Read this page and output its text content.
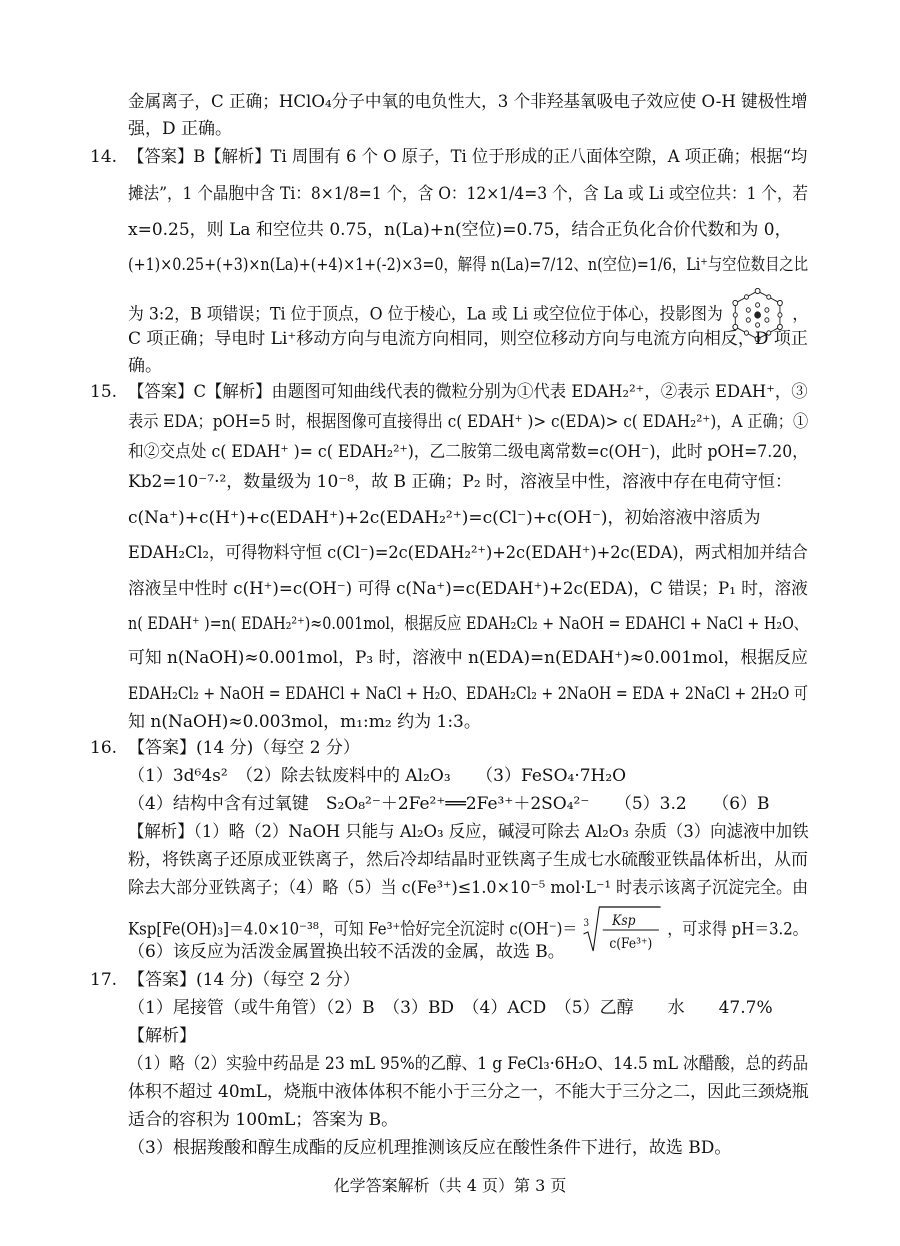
金属离子，C 正确；HClO₄分子中氧的电负性大，3 个非羟基氧吸电子效应使 O-H 键极性增
强，D 正确。
14. 【答案】B【解析】Ti 周围有 6 个 O 原子，Ti 位于形成的正八面体空隙，A 项正确；根据“均
摊法”，1 个晶胞中含 Ti：8×1/8=1 个，含 O：12×1/4=3 个，含 La 或 Li 或空位共：1 个，若
x=0.25，则 La 和空位共 0.75，n(La)+n(空位)=0.75，结合正负化合价代数和为 0，
(+1)×0.25+(+3)×n(La)+(+4)×1+(-2)×3=0，解得 n(La)=7/12、n(空位)=1/6，Li⁺与空位数目之比
为 3:2，B 项错误；Ti 位于顶点，O 位于棱心，La 或 Li 或空位位于体心，投影图为	，
C 项正确；导电时 Li⁺移动方向与电流方向相同，则空位移动方向与电流方向相反，D 项正
确。
15. 【答案】C【解析】由题图可知曲线代表的微粒分别为①代表 EDAH₂²⁺，②表示 EDAH⁺，③
表示 EDA；pOH=5 时，根据图像可直接得出 c( EDAH⁺ )> c(EDA)> c( EDAH₂²⁺)，A 正确；①
和②交点处 c( EDAH⁺ )= c( EDAH₂²⁺)，乙二胺第二级电离常数=c(OH⁻)，此时 pOH=7.20，
Kb2=10⁻⁷·²，数量级为 10⁻⁸，故 B 正确；P₂ 时，溶液呈中性，溶液中存在电荷守恒：
c(Na⁺)+c(H⁺)+c(EDAH⁺)+2c(EDAH₂²⁺)=c(Cl⁻)+c(OH⁻)，初始溶液中溶质为
EDAH₂Cl₂，可得物料守恒 c(Cl⁻)=2c(EDAH₂²⁺)+2c(EDAH⁺)+2c(EDA)，两式相加并结合
溶液呈中性时 c(H⁺)=c(OH⁻) 可得 c(Na⁺)=c(EDAH⁺)+2c(EDA)，C 错误；P₁ 时，溶液
n( EDAH⁺ )=n( EDAH₂²⁺)≈0.001mol，根据反应 EDAH₂Cl₂ + NaOH = EDAHCl + NaCl + H₂O、
可知 n(NaOH)≈0.001mol，P₃ 时，溶液中 n(EDA)=n(EDAH⁺)≈0.001mol，根据反应
EDAH₂Cl₂ + NaOH = EDAHCl + NaCl + H₂O、EDAH₂Cl₂ + 2NaOH = EDA + 2NaCl + 2H₂O 可
知 n(NaOH)≈0.003mol，m₁:m₂ 约为 1:3。
16. 【答案】(14 分)（每空 2 分）
（1）3d⁶4s²　（2）除去钛废料中的 Al₂O₃　　（3）FeSO₄·7H₂O
（4）结构中含有过氧键　S₂O₈²⁻＋2Fe²⁺══2Fe³⁺＋2SO₄²⁻　　（5）3.2　　（6）B
【解析】（1）略（2）NaOH 只能与 Al₂O₃ 反应，碱浸可除去 Al₂O₃ 杂质（3）向滤液中加铁
粉，将铁离子还原成亚铁离子，然后冷却结晶时亚铁离子生成七水硫酸亚铁晶体析出，从而
除去大部分亚铁离子；（4）略（5）当 c(Fe³⁺)≤1.0×10⁻⁵ mol·L⁻¹ 时表示该离子沉淀完全。由
Ksp[Fe(OH)₃]＝4.0×10⁻³⁸，可知 Fe³⁺恰好完全沉淀时 c(OH⁻)＝ 3 Ksp
c(Fe³⁺)
，可求得 pH＝3.2。
（6）该反应为活泼金属置换出较不活泼的金属，故选 B。
17. 【答案】(14 分)（每空 2 分）
（1）尾接管（或牛角管）（2）B　（3）BD　（4）ACD　（5）乙醇　　水　　47.7%
【解析】
（1）略（2）实验中药品是 23 mL 95%的乙醇、1 g FeCl₃·6H₂O、14.5 mL 冰醋酸，总的药品
体积不超过 40mL，烧瓶中液体体积不能小于三分之一，不能大于三分之二，因此三颈烧瓶
适合的容积为 100mL；答案为 B。
（3）根据羧酸和醇生成酯的反应机理推测该反应在酸性条件下进行，故选 BD。
化学答案解析（共 4 页）第 3 页
